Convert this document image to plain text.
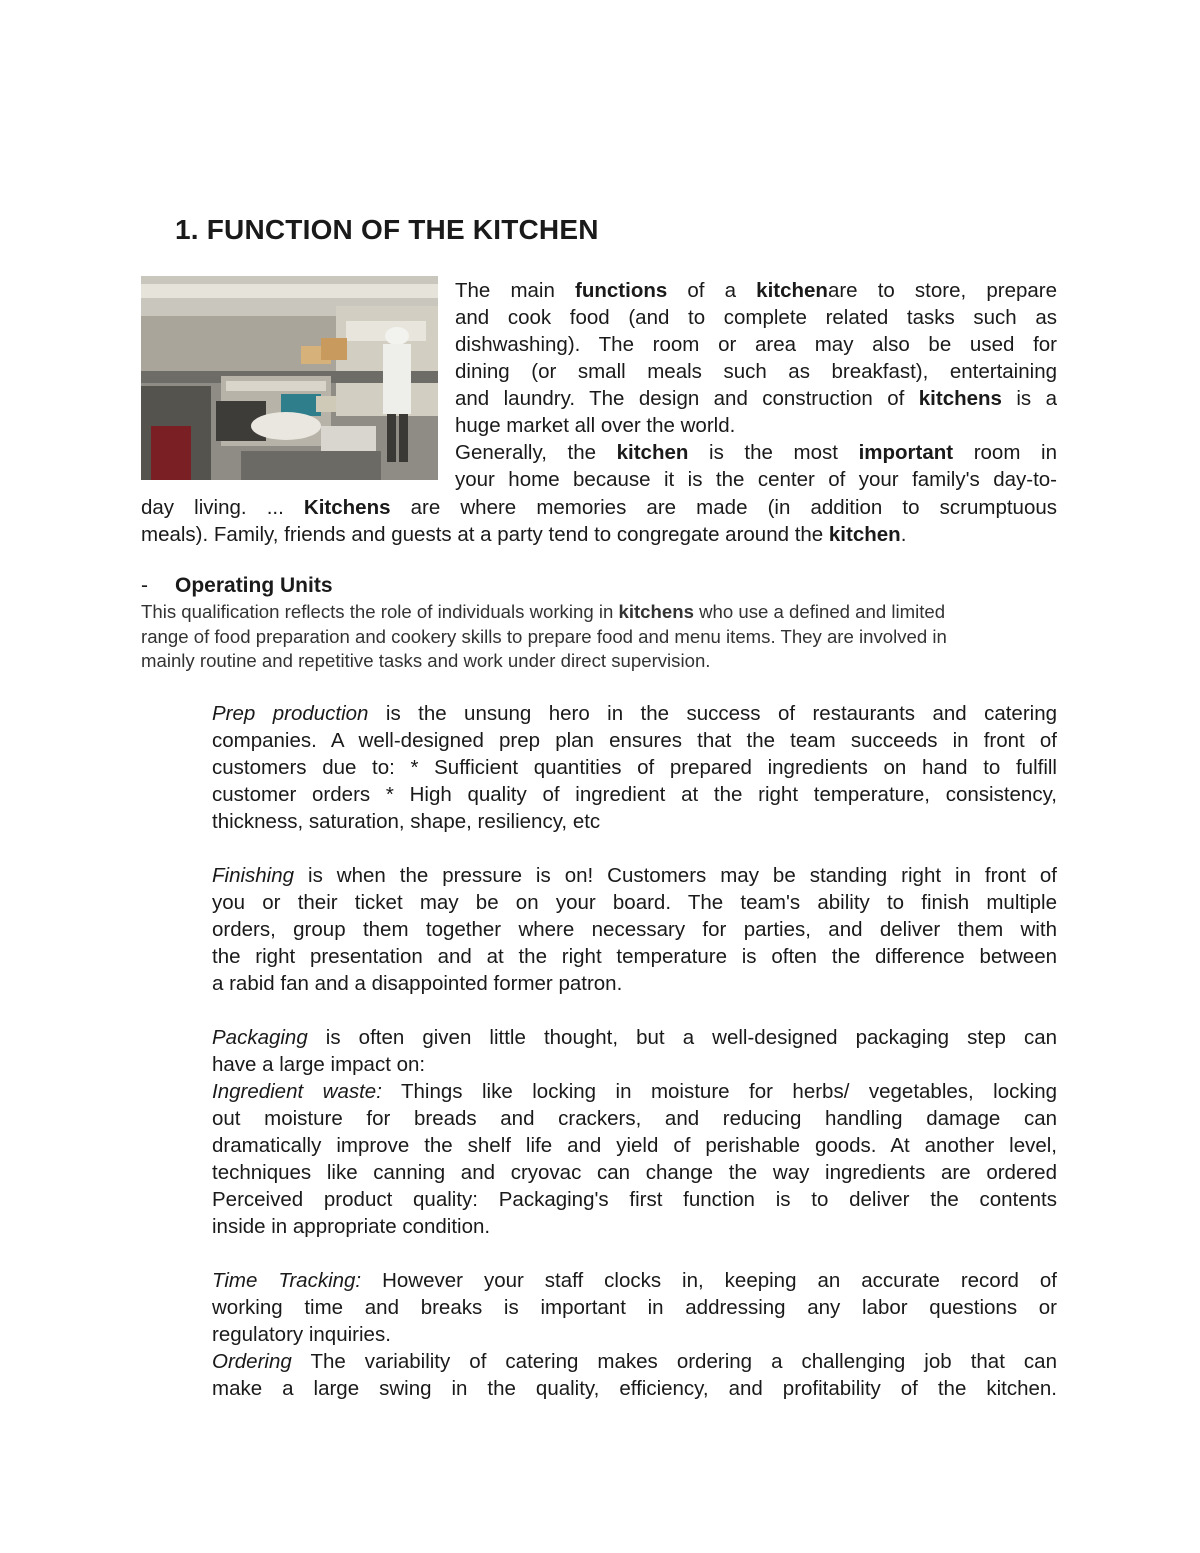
1. FUNCTION OF THE KITCHEN
The main functions of a kitchenare to store, prepare
and cook food (and to complete related tasks such as
dishwashing). The room or area may also be used for
dining (or small meals such as breakfast), entertaining
and laundry. The design and construction of kitchens is a
huge market all over the world.
Generally, the kitchen is the most important room in
your home because it is the center of your family's day-to-
day living. ... Kitchens are where memories are made (in addition to scrumptuous
meals). Family, friends and guests at a party tend to congregate around the kitchen.
- Operating Units
This qualification reflects the role of individuals working in kitchens who use a defined and limited
range of food preparation and cookery skills to prepare food and menu items. They are involved in
mainly routine and repetitive tasks and work under direct supervision.
Prep production is the unsung hero in the success of restaurants and catering
companies. A well-designed prep plan ensures that the team succeeds in front of
customers due to: * Sufficient quantities of prepared ingredients on hand to fulfill
customer orders * High quality of ingredient at the right temperature, consistency,
thickness, saturation, shape, resiliency, etc
Finishing is when the pressure is on! Customers may be standing right in front of
you or their ticket may be on your board. The team's ability to finish multiple
orders, group them together where necessary for parties, and deliver them with
the right presentation and at the right temperature is often the difference between
a rabid fan and a disappointed former patron.
Packaging is often given little thought, but a well-designed packaging step can
have a large impact on:
Ingredient waste: Things like locking in moisture for herbs/ vegetables, locking
out moisture for breads and crackers, and reducing handling damage can
dramatically improve the shelf life and yield of perishable goods. At another level,
techniques like canning and cryovac can change the way ingredients are ordered
Perceived product quality: Packaging's first function is to deliver the contents
inside in appropriate condition.
Time Tracking: However your staff clocks in, keeping an accurate record of
working time and breaks is important in addressing any labor questions or
regulatory inquiries.
Ordering The variability of catering makes ordering a challenging job that can
make a large swing in the quality, efficiency, and profitability of the kitchen.
